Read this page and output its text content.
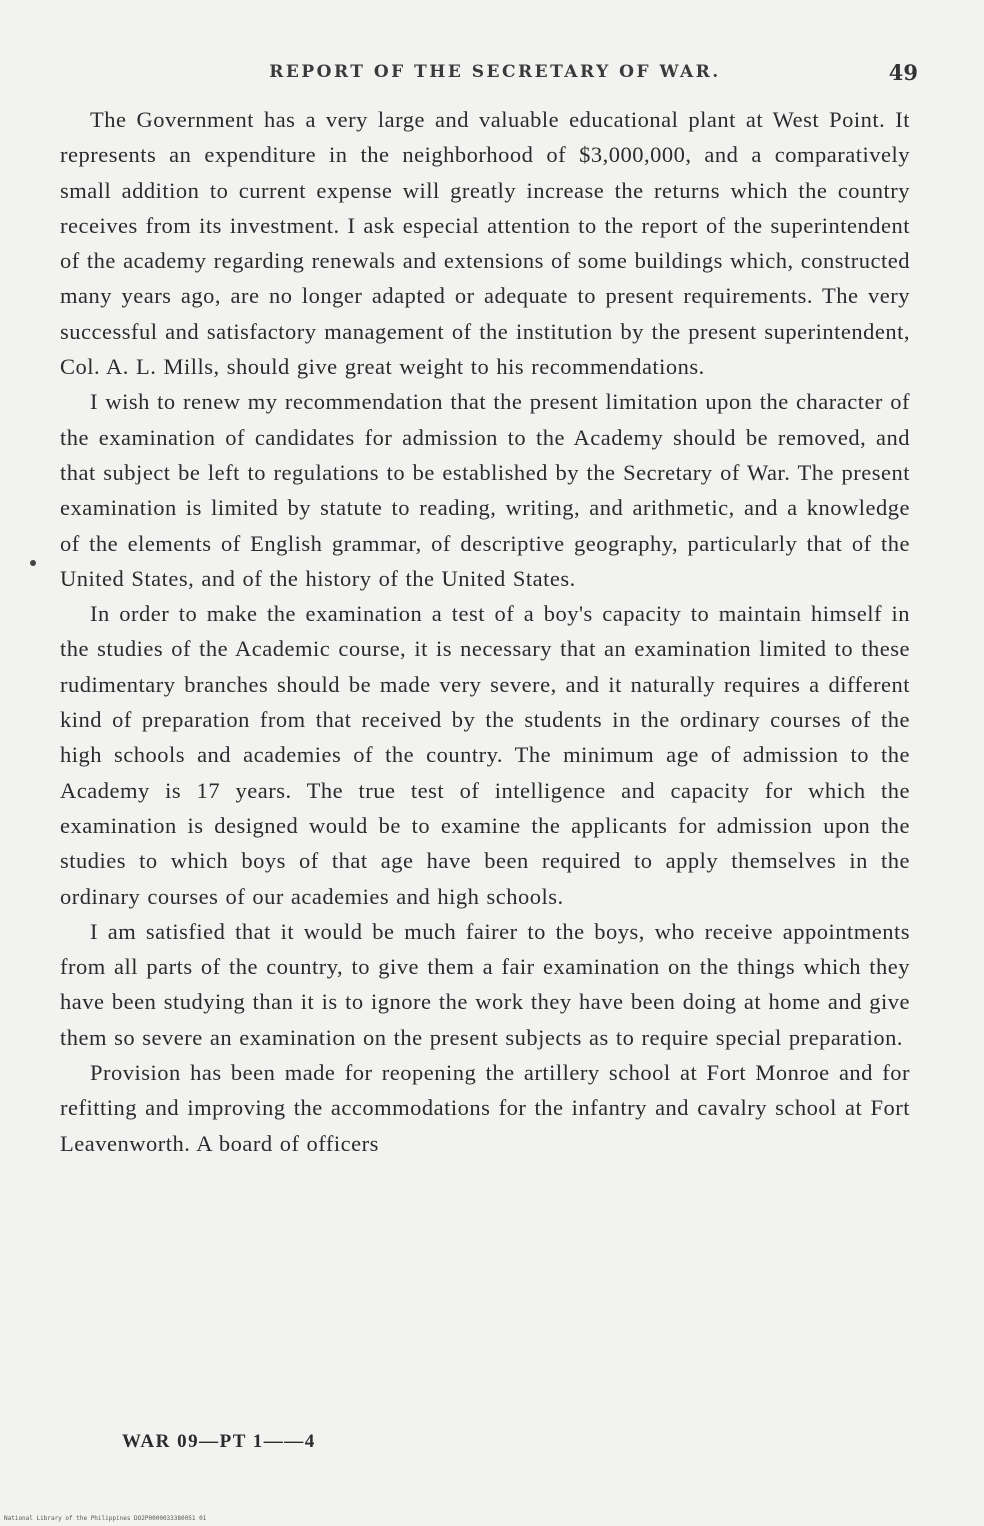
REPORT OF THE SECRETARY OF WAR.	49

The Government has a very large and valuable educational plant at West Point. It represents an expenditure in the neighborhood of $3,000,000, and a comparatively small addition to current expense will greatly increase the returns which the country receives from its investment. I ask especial attention to the report of the superintendent of the academy regarding renewals and extensions of some buildings which, constructed many years ago, are no longer adapted or adequate to present requirements. The very successful and satisfactory management of the institution by the present superintendent, Col. A. L. Mills, should give great weight to his recommendations.

I wish to renew my recommendation that the present limitation upon the character of the examination of candidates for admission to the Academy should be removed, and that subject be left to regulations to be established by the Secretary of War. The present examination is limited by statute to reading, writing, and arithmetic, and a knowledge of the elements of English grammar, of descriptive geography, particularly that of the United States, and of the history of the United States.

In order to make the examination a test of a boy's capacity to maintain himself in the studies of the Academic course, it is necessary that an examination limited to these rudimentary branches should be made very severe, and it naturally requires a different kind of preparation from that received by the students in the ordinary courses of the high schools and academies of the country. The minimum age of admission to the Academy is 17 years. The true test of intelligence and capacity for which the examination is designed would be to examine the applicants for admission upon the studies to which boys of that age have been required to apply themselves in the ordinary courses of our academies and high schools.

I am satisfied that it would be much fairer to the boys, who receive appointments from all parts of the country, to give them a fair examination on the things which they have been studying than it is to ignore the work they have been doing at home and give them so severe an examination on the present subjects as to require special preparation.

Provision has been made for reopening the artillery school at Fort Monroe and for refitting and improving the accommodations for the infantry and cavalry school at Fort Leavenworth. A board of officers

WAR 09—PT 1——4
National Library of the Philippines DO2P0000033380051 01
